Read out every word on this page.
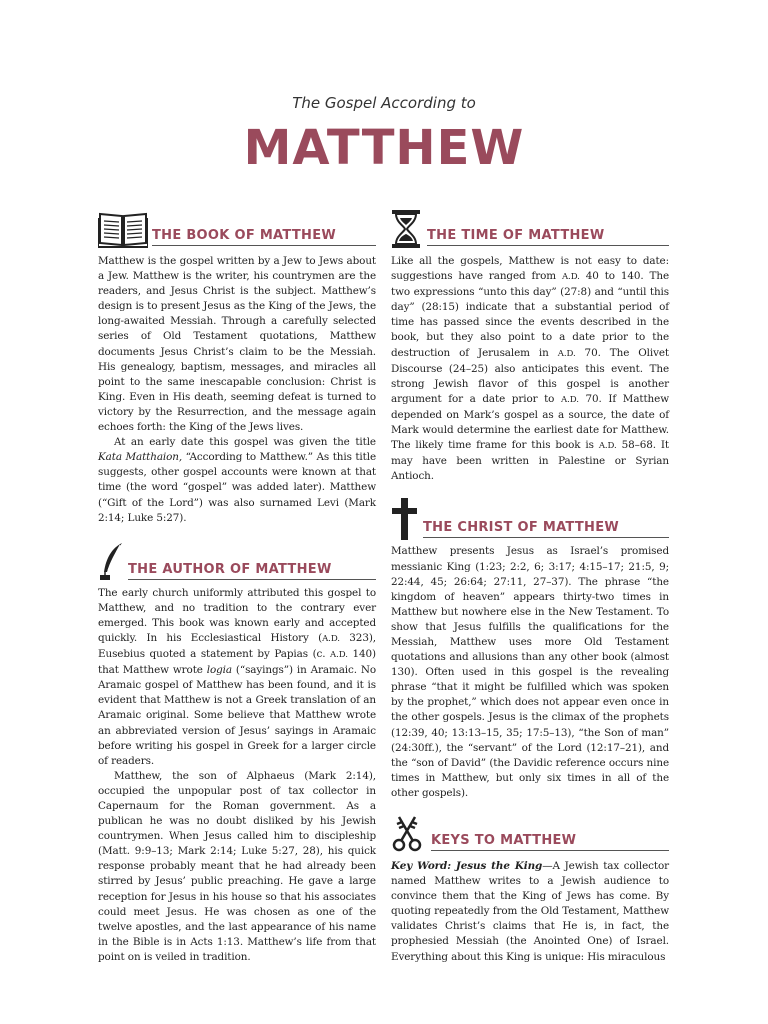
The Gospel According to
MATTHEW
THE BOOK OF MATTHEW

Matthew is the gospel written by a Jew to Jews about a Jew. Matthew is the writer, his countrymen are the readers, and Jesus Christ is the subject. Matthew’s design is to present Jesus as the King of the Jews, the long-awaited Messiah. Through a carefully selected series of Old Testament quotations, Matthew documents Jesus Christ’s claim to be the Messiah. His genealogy, baptism, messages, and miracles all point to the same inescapable conclusion: Christ is King. Even in His death, seeming defeat is turned to victory by the Resurrection, and the message again echoes forth: the King of the Jews lives.

At an early date this gospel was given the title Kata Matthaion, “According to Matthew.” As this title suggests, other gospel accounts were known at that time (the word “gospel” was added later). Matthew (“Gift of the Lord”) was also surnamed Levi (Mark 2:14; Luke 5:27).

THE AUTHOR OF MATTHEW

The early church uniformly attributed this gospel to Matthew, and no tradition to the contrary ever emerged. This book was known early and accepted quickly. In his Ecclesiastical History (A.D. 323), Eusebius quoted a statement by Papias (c. A.D. 140) that Matthew wrote logia (“sayings”) in Aramaic. No Aramaic gospel of Matthew has been found, and it is evident that Matthew is not a Greek translation of an Aramaic original. Some believe that Matthew wrote an abbreviated version of Jesus’ sayings in Aramaic before writing his gospel in Greek for a larger circle of readers.

Matthew, the son of Alphaeus (Mark 2:14), occupied the unpopular post of tax collector in Capernaum for the Roman government. As a publican he was no doubt disliked by his Jewish countrymen. When Jesus called him to discipleship (Matt. 9:9–13; Mark 2:14; Luke 5:27, 28), his quick response probably meant that he had already been stirred by Jesus’ public preaching. He gave a large reception for Jesus in his house so that his associates could meet Jesus. He was chosen as one of the twelve apostles, and the last appearance of his name in the Bible is in Acts 1:13. Matthew’s life from that point on is veiled in tradition.

THE TIME OF MATTHEW

Like all the gospels, Matthew is not easy to date: suggestions have ranged from A.D. 40 to 140. The two expressions “unto this day” (27:8) and “until this day” (28:15) indicate that a substantial period of time has passed since the events described in the book, but they also point to a date prior to the destruction of Jerusalem in A.D. 70. The Olivet Discourse (24–25) also anticipates this event. The strong Jewish flavor of this gospel is another argument for a date prior to A.D. 70. If Matthew depended on Mark’s gospel as a source, the date of Mark would determine the earliest date for Matthew. The likely time frame for this book is A.D. 58–68. It may have been written in Palestine or Syrian Antioch.

THE CHRIST OF MATTHEW

Matthew presents Jesus as Israel’s promised messianic King (1:23; 2:2, 6; 3:17; 4:15–17; 21:5, 9; 22:44, 45; 26:64; 27:11, 27–37). The phrase “the kingdom of heaven” appears thirty-two times in Matthew but nowhere else in the New Testament. To show that Jesus fulfills the qualifications for the Messiah, Matthew uses more Old Testament quotations and allusions than any other book (almost 130). Often used in this gospel is the revealing phrase “that it might be fulfilled which was spoken by the prophet,” which does not appear even once in the other gospels. Jesus is the climax of the prophets (12:39, 40; 13:13–15, 35; 17:5–13), “the Son of man” (24:30ff.), the “servant” of the Lord (12:17–21), and the “son of David” (the Davidic reference occurs nine times in Matthew, but only six times in all of the other gospels).

KEYS TO MATTHEW

Key Word: Jesus the King—A Jewish tax collector named Matthew writes to a Jewish audience to convince them that the King of Jews has come. By quoting repeatedly from the Old Testament, Matthew validates Christ’s claims that He is, in fact, the prophesied Messiah (the Anointed One) of Israel. Everything about this King is unique: His miraculous
